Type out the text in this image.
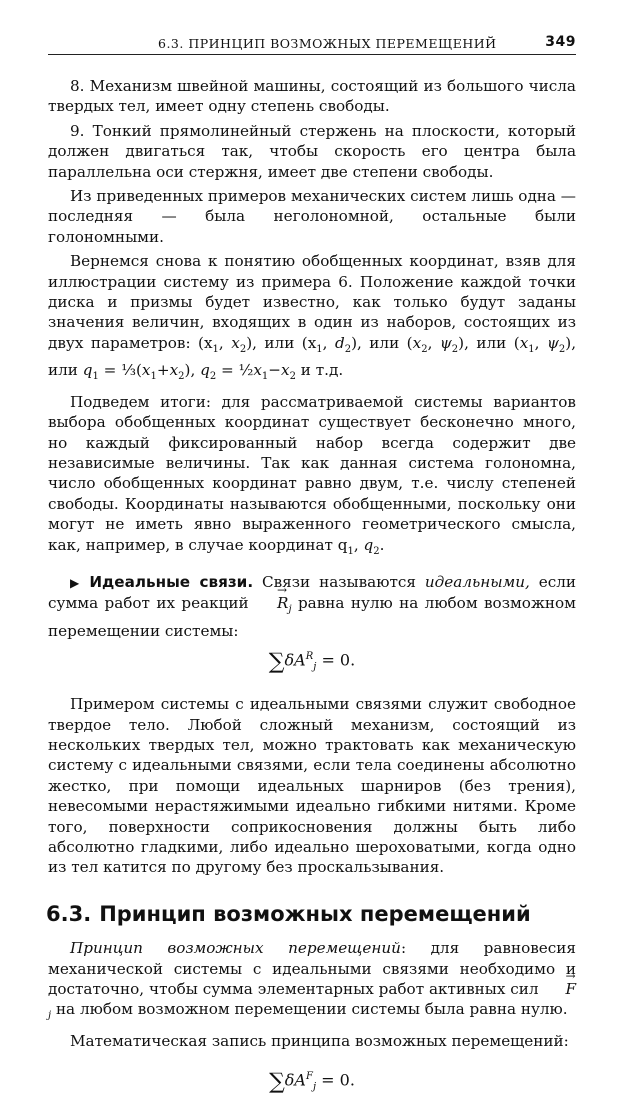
6.3. ПРИНЦИП ВОЗМОЖНЫХ ПЕРЕМЕЩЕНИЙ	349

8. Механизм швейной машины, состоящий из большого числа твердых тел, имеет одну степень свободы.

9. Тонкий прямолинейный стержень на плоскости, который должен двигаться так, чтобы скорость его центра была параллельна оси стержня, имеет две степени свободы.

Из приведенных примеров механических систем лишь одна — последняя — была неголономной, остальные были голономными.

Вернемся снова к понятию обобщенных координат, взяв для иллюстрации систему из примера 6. Положение каждой точки диска и призмы будет известно, как только будут заданы значения величин, входящих в один из наборов, состоящих из двух параметров: ($x_1$, $x_2$), или ($x_1$, $d_2$), или ($x_2$, $\psi_2$), или ($x_1$, $\psi_2$), или $q_1$ = $\frac{1}{3}(x_1+x_2)$, $q_2$ = $\frac{1}{2}x_1-x_2$ и т.д.

Подведем итоги: для рассматриваемой системы вариантов выбора обобщенных координат существует бесконечно много, но каждый фиксированный набор всегда содержит две независимые величины. Так как данная система голономна, число обобщенных координат равно двум, т.е. числу степеней свободы. Координаты называются обобщенными, поскольку они могут не иметь явно выраженного геометрического смысла, как, например, в случае координат $q_1$, $q_2$.

▶ Идеальные связи. Связи называются идеальными, если сумма работ их реакций → $R_j$ равна нулю на любом возможном перемещении системы:

$\sum\delta A^R_j = 0$.

Примером системы с идеальными связями служит свободное твердое тело. Любой сложный механизм, состоящий из нескольких твердых тел, можно трактовать как механическую систему с идеальными связями, если тела соединены абсолютно жестко, при помощи идеальных шарниров (без трения), невесомыми нерастяжимыми идеально гибкими нитями. Кроме того, поверхности соприкосновения должны быть либо абсолютно гладкими, либо идеально шероховатыми, когда одно из тел катится по другому без проскальзывания.

6.3. Принцип возможных перемещений

Принцип возможных перемещений: для равновесия механической системы с идеальными связями необходимо и достаточно, чтобы сумма элементарных работ активных сил → $F_j$ на любом возможном перемещении системы была равна нулю.

Математическая запись принципа возможных перемещений:

$\sum\delta A^F_j = 0$.
